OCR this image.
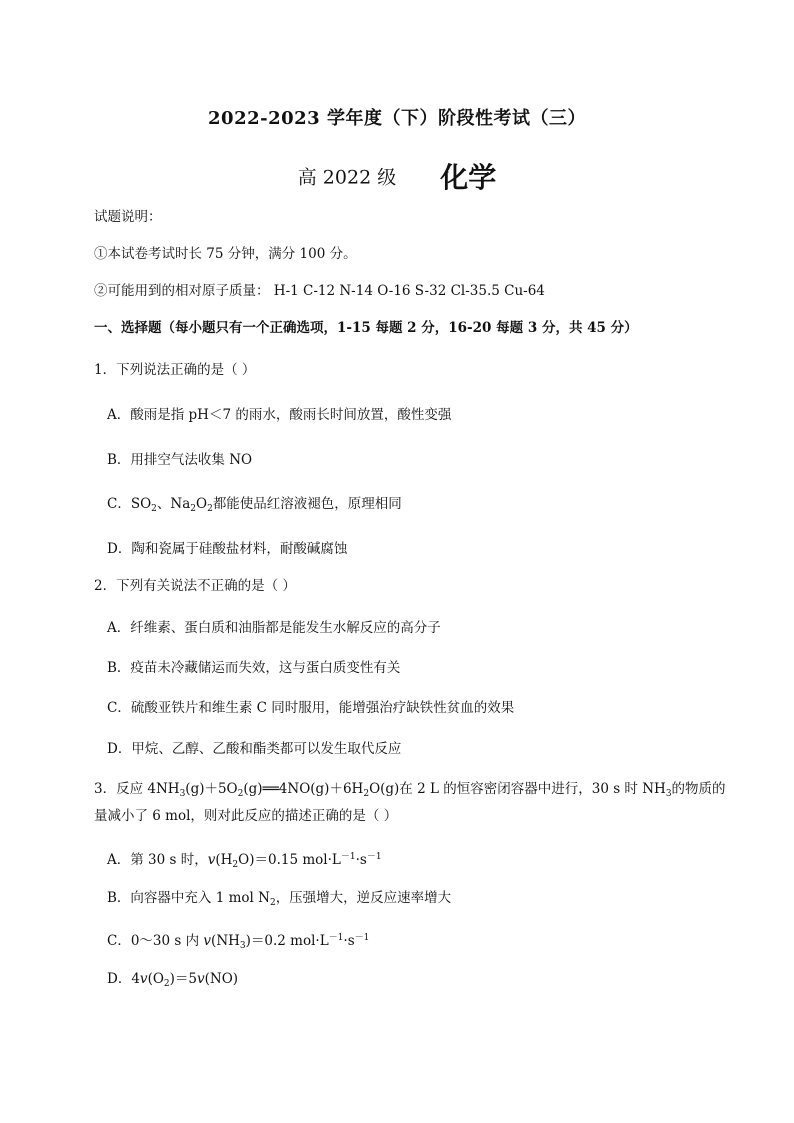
2022-2023 学年度（下）阶段性考试（三）
高 2022 级 化学
试题说明：
①本试卷考试时长 75 分钟，满分 100 分。
②可能用到的相对原子质量： H-1 C-12 N-14 O-16 S-32 Cl-35.5 Cu-64
一、选择题（每小题只有一个正确选项，1-15 每题 2 分，16-20 每题 3 分，共 45 分）
1．下列说法正确的是（ ）
A．酸雨是指 pH＜7 的雨水，酸雨长时间放置，酸性变强
B．用排空气法收集 NO
C．$SO_2$、$Na_2O_2$都能使品红溶液褪色，原理相同
D．陶和瓷属于硅酸盐材料，耐酸碱腐蚀
2．下列有关说法不正确的是（ ）
A．纤维素、蛋白质和油脂都是能发生水解反应的高分子
B．疫苗未冷藏储运而失效，这与蛋白质变性有关
C．硫酸亚铁片和维生素 C 同时服用，能增强治疗缺铁性贫血的效果
D．甲烷、乙醇、乙酸和酯类都可以发生取代反应
3．反应 $4NH_3(g)+5O_2(g)══4NO(g)+6H_2O(g)$在 2 L 的恒容密闭容器中进行，30 s 时 $NH_3$的物质的
量减小了 6 mol，则对此反应的描述正确的是（ ）
A．第 30 s 时，$v(H_2O)=0.15$ $mol\cdot L^{-1}\cdot s^{-1}$
B．向容器中充入 1 mol $N_2$，压强增大，逆反应速率增大
C．0～30 s 内 $v(NH_3)=0.2$ $mol\cdot L^{-1}\cdot s^{-1}$
D．$4v(O_2)=5v(NO)$
